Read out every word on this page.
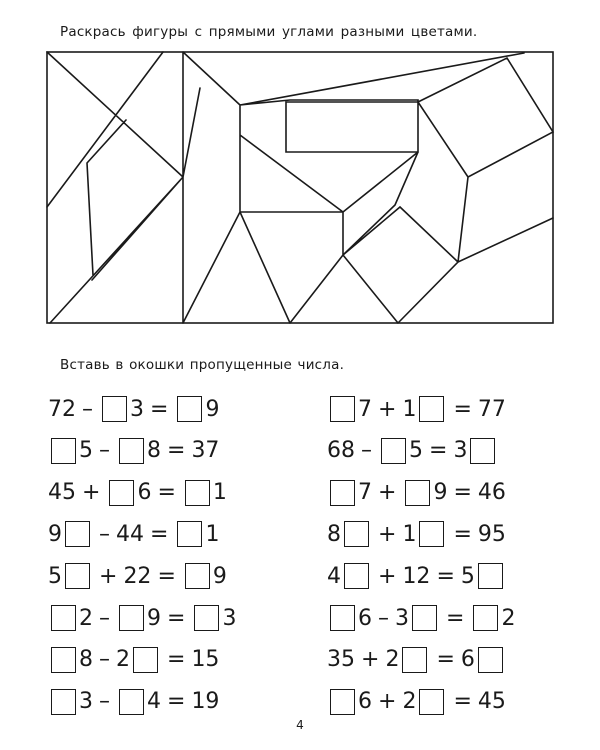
Раскрась фигуры с прямыми углами разными цветами.
Вставь в окошки пропущенные числа.
72 – 3 = 9
5 – 8 = 37
45 + 6 = 1
9 – 44 = 1
5 + 22 = 9
2 – 9 = 3
8 – 2 = 15
3 – 4 = 19
7 + 1 = 77
68 – 5 = 3
7 + 9 = 46
8 + 1 = 95
4 + 12 = 5
6 – 3 = 2
35 + 2 = 6
6 + 2 = 45
4
